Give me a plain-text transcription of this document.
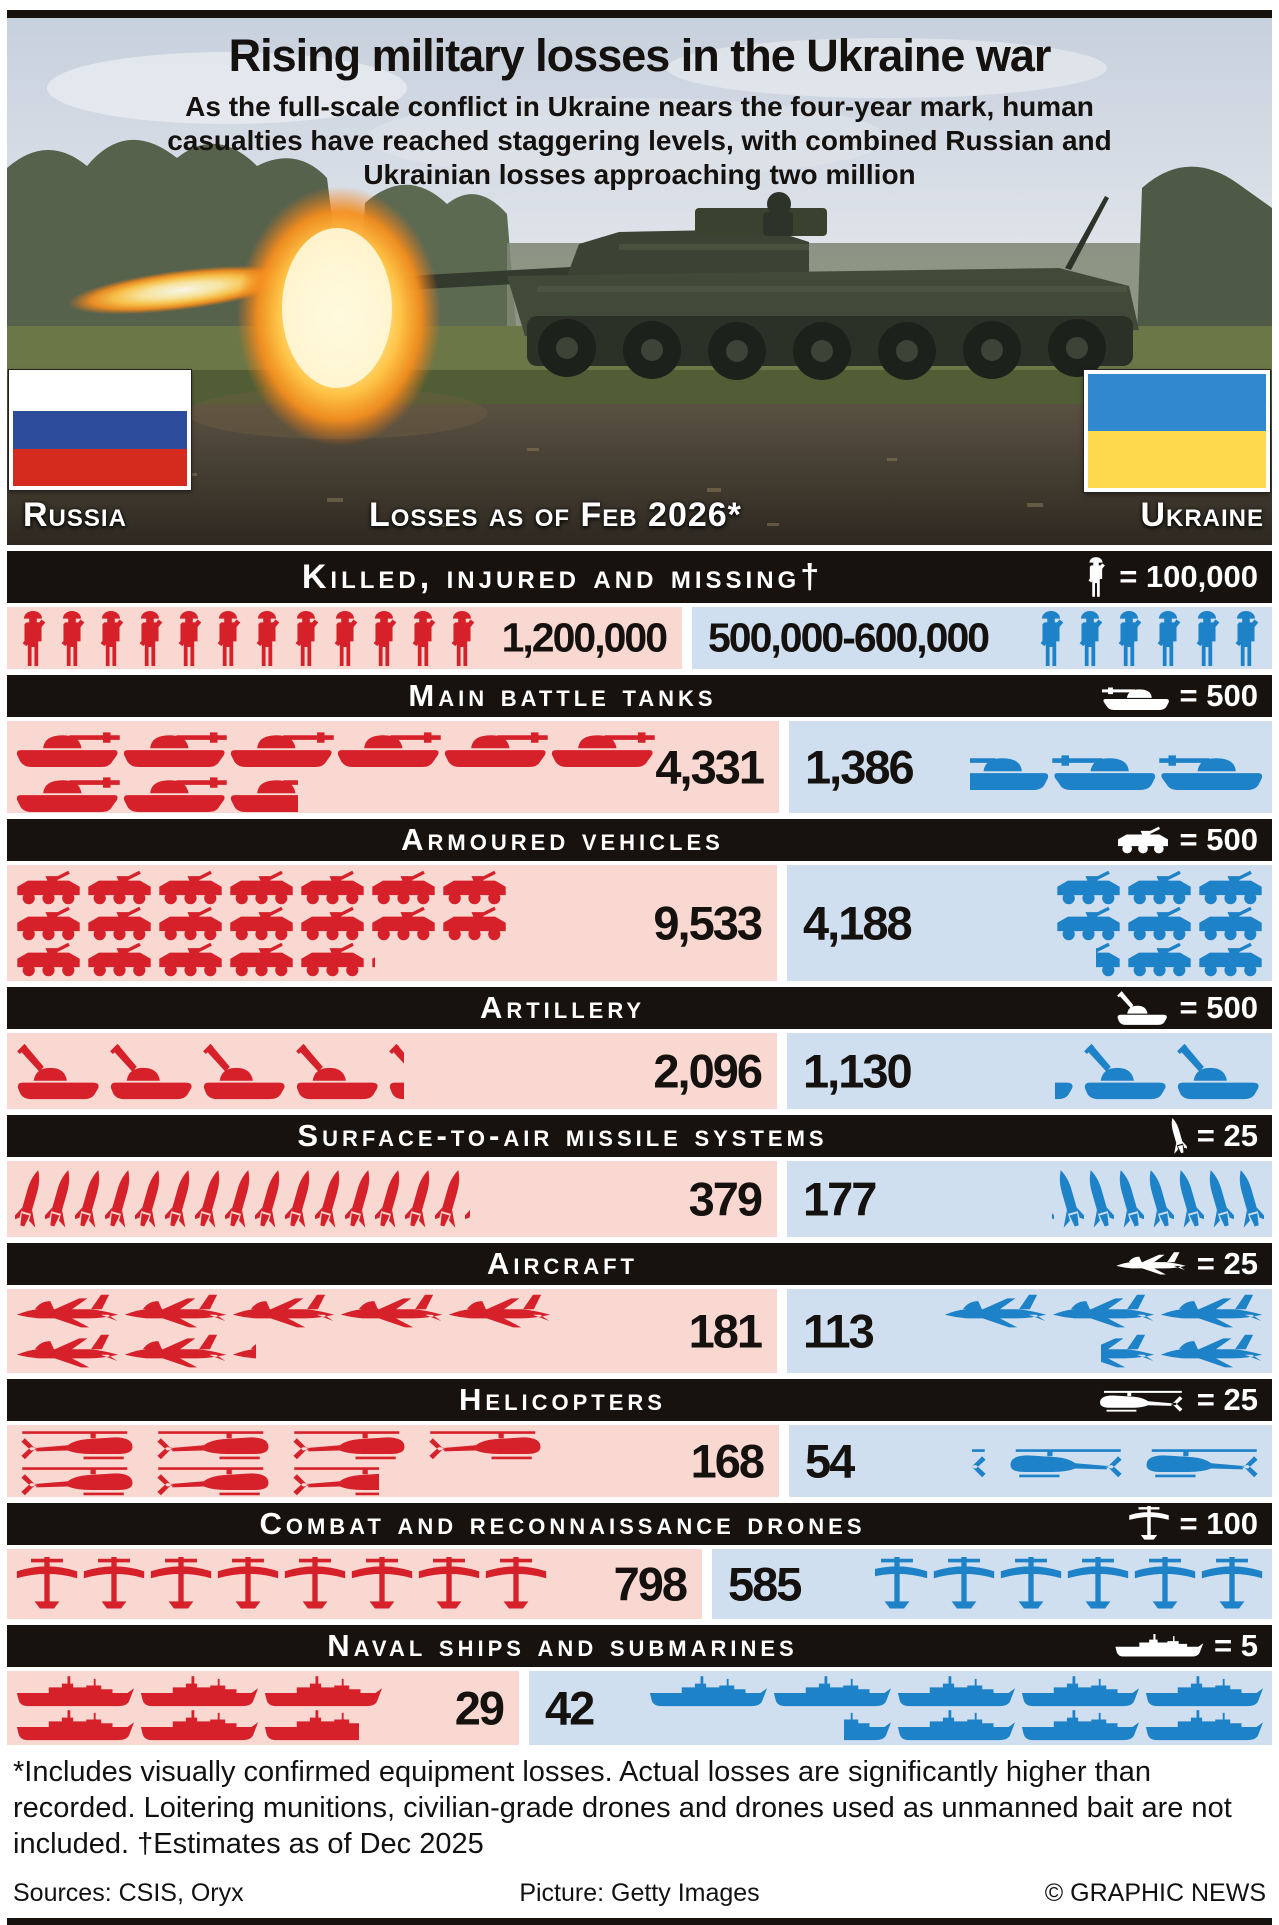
Rising military losses in the Ukraine war
As the full-scale conflict in Ukraine nears the four-year mark, human casualties have reached staggering levels, with combined Russian and Ukrainian losses approaching two million
Russia	Losses as of Feb 2026*	Ukraine
Killed, injured and missing†	= 100,000
1,200,000 500,000-600,000
Main battle tanks	= 500
4,331 1,386
Armoured vehicles	= 500
9,533 4,188
Artillery	= 500
2,096 1,130
Surface-to-air missile systems	= 25
379 177
Aircraft	= 25
181 113
Helicopters	= 25
168 54
Combat and reconnaissance drones	= 100
798 585
Naval ships and submarines	= 5
29 42
*Includes visually confirmed equipment losses. Actual losses are significantly higher than recorded. Loitering munitions, civilian-grade drones and drones used as unmanned bait are not included. †Estimates as of Dec 2025
Sources: CSIS, Oryx	Picture: Getty Images	© GRAPHIC NEWS
